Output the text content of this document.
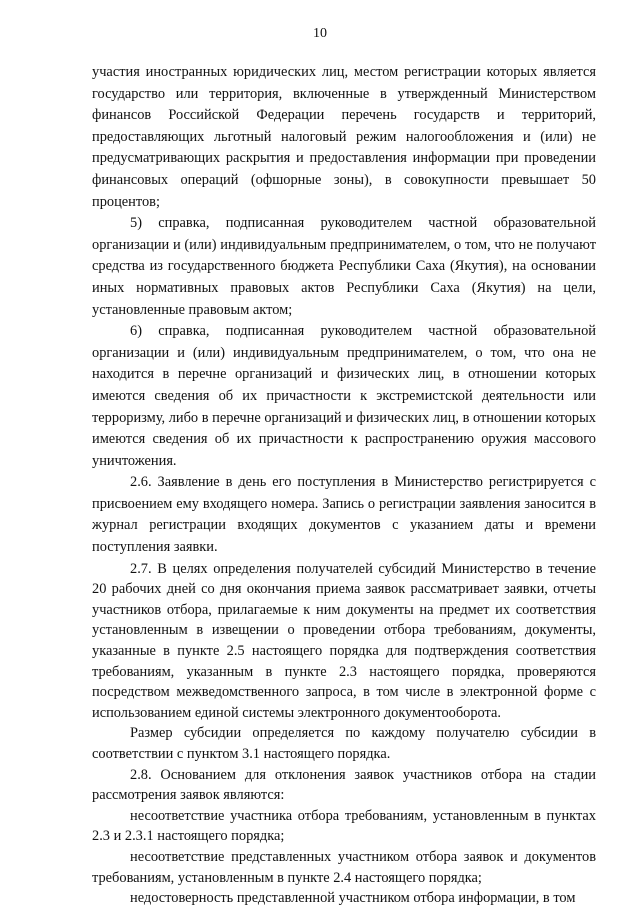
10

участия иностранных юридических лиц, местом регистрации которых является государство или территория, включенные в утвержденный Министерством финансов Российской Федерации перечень государств и территорий, предоставляющих льготный налоговый режим налогообложения и (или) не предусматривающих раскрытия и предоставления информации при проведении финансовых операций (офшорные зоны), в совокупности превышает 50 процентов;

5) справка, подписанная руководителем частной образовательной организации и (или) индивидуальным предпринимателем, о том, что не получают средства из государственного бюджета Республики Саха (Якутия), на основании иных нормативных правовых актов Республики Саха (Якутия) на цели, установленные правовым актом;

6) справка, подписанная руководителем частной образовательной организации и (или) индивидуальным предпринимателем, о том, что она не находится в перечне организаций и физических лиц, в отношении которых имеются сведения об их причастности к экстремистской деятельности или терроризму, либо в перечне организаций и физических лиц, в отношении которых имеются сведения об их причастности к распространению оружия массового уничтожения.

2.6. Заявление в день его поступления в Министерство регистрируется с присвоением ему входящего номера. Запись о регистрации заявления заносится в журнал регистрации входящих документов с указанием даты и времени поступления заявки.

2.7. В целях определения получателей субсидий Министерство в течение 20 рабочих дней со дня окончания приема заявок рассматривает заявки, отчеты участников отбора, прилагаемые к ним документы на предмет их соответствия установленным в извещении о проведении отбора требованиям, документы, указанные в пункте 2.5 настоящего порядка для подтверждения соответствия требованиям, указанным в пункте 2.3 настоящего порядка, проверяются посредством межведомственного запроса, в том числе в электронной форме с использованием единой системы электронного документооборота.

Размер субсидии определяется по каждому получателю субсидии в соответствии с пунктом 3.1 настоящего порядка.

2.8. Основанием для отклонения заявок участников отбора на стадии рассмотрения заявок являются:

несоответствие участника отбора требованиям, установленным в пунктах 2.3 и 2.3.1 настоящего порядка;

несоответствие представленных участником отбора заявок и документов требованиям, установленным в пункте 2.4 настоящего порядка;

недостоверность представленной участником отбора информации, в том
